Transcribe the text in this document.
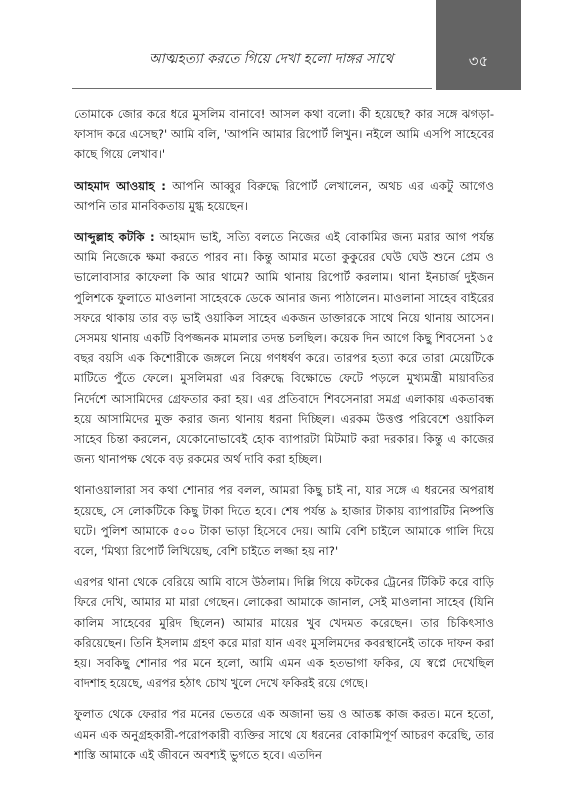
আত্মহত্যা করতে গিয়ে দেখা হলো দাঙ্গর সাথে	৩৫

তোমাকে জোর করে ধরে মুসলিম বানাবে! আসল কথা বলো। কী হয়েছে? কার সঙ্গে ঝগড়া-ফাসাদ করে এসেছ?' আমি বলি, 'আপনি আমার রিপোর্ট লিখুন। নইলে আমি এসপি সাহেবের কাছে গিয়ে লেখাব।'

আহমাদ আওয়াহ : আপনি আব্বুর বিরুদ্ধে রিপোর্ট লেখালেন, অথচ এর একটু আগেও আপনি তার মানবিকতায় মুগ্ধ হয়েছেন।

আব্দুল্লাহ কটকি : আহমাদ ভাই, সত্যি বলতে নিজের এই বোকামির জন্য মরার আগ পর্যন্ত আমি নিজেকে ক্ষমা করতে পারব না। কিন্তু আমার মতো কুকুরের ঘেউ ঘেউ শুনে প্রেম ও ভালোবাসার কাফেলা কি আর থামে? আমি থানায় রিপোর্ট করলাম। থানা ইনচার্জ দুইজন পুলিশকে ফুলাতে মাওলানা সাহেবকে ডেকে আনার জন্য পাঠালেন। মাওলানা সাহেব বাইরের সফরে থাকায় তার বড় ভাই ওয়াকিল সাহেব একজন ডাক্তারকে সাথে নিয়ে থানায় আসেন। সেসময় থানায় একটি বিপজ্জনক মামলার তদন্ত চলছিল। কয়েক দিন আগে কিছু শিবসেনা ১৫ বছর বয়সি এক কিশোরীকে জঙ্গলে নিয়ে গণধর্ষণ করে। তারপর হত্যা করে তারা মেয়েটিকে মাটিতে পুঁতে ফেলে। মুসলিমরা এর বিরুদ্ধে বিক্ষোভে ফেটে পড়লে মুখ্যমন্ত্রী মায়াবতির নির্দেশে আসামিদের গ্রেফতার করা হয়। এর প্রতিবাদে শিবসেনারা সমগ্র এলাকায় একতাবন্ধ হয়ে আসামিদের মুক্ত করার জন্য থানায় ধরনা দিচ্ছিল। এরকম উত্তপ্ত পরিবেশে ওয়াকিল সাহেব চিন্তা করলেন, যেকোনোভাবেই হোক ব্যাপারটা মিটমাট করা দরকার। কিন্তু এ কাজের জন্য থানাপক্ষ থেকে বড় রকমের অর্থ দাবি করা হচ্ছিল।

থানাওয়ালারা সব কথা শোনার পর বলল, আমরা কিছু চাই না, যার সঙ্গে এ ধরনের অপরাধ হয়েছে, সে লোকটিকে কিছু টাকা দিতে হবে। শেষ পর্যন্ত ৯ হাজার টাকায় ব্যাপারটির নিষ্পত্তি ঘটে। পুলিশ আমাকে ৫০০ টাকা ভাড়া হিসেবে দেয়। আমি বেশি চাইলে আমাকে গালি দিয়ে বলে, 'মিথ্যা রিপোর্ট লিখিয়েছ, বেশি চাইতে লজ্জা হয় না?'

এরপর থানা থেকে বেরিয়ে আমি বাসে উঠলাম। দিল্লি গিয়ে কটকের ট্রেনের টিকিট করে বাড়ি ফিরে দেখি, আমার মা মারা গেছেন। লোকেরা আমাকে জানাল, সেই মাওলানা সাহেব (যিনি কালিম সাহেবের মুরিদ ছিলেন) আমার মায়ের খুব খেদমত করেছেন। তার চিকিৎসাও করিয়েছেন। তিনি ইসলাম গ্রহণ করে মারা যান এবং মুসলিমদের কবরস্থানেই তাকে দাফন করা হয়। সবকিছু শোনার পর মনে হলো, আমি এমন এক হতভাগা ফকির, যে স্বপ্নে দেখেছিল বাদশাহ হয়েছে, এরপর হঠাৎ চোখ খুলে দেখে ফকিরই রয়ে গেছে।

ফুলাত থেকে ফেরার পর মনের ভেতরে এক অজানা ভয় ও আতঙ্ক কাজ করত। মনে হতো, এমন এক অনুগ্রহকারী-পরোপকারী ব্যক্তির সাথে যে ধরনের বোকামিপূর্ণ আচরণ করেছি, তার শাস্তি আমাকে এই জীবনে অবশ্যই ভুগতে হবে। এতদিন
